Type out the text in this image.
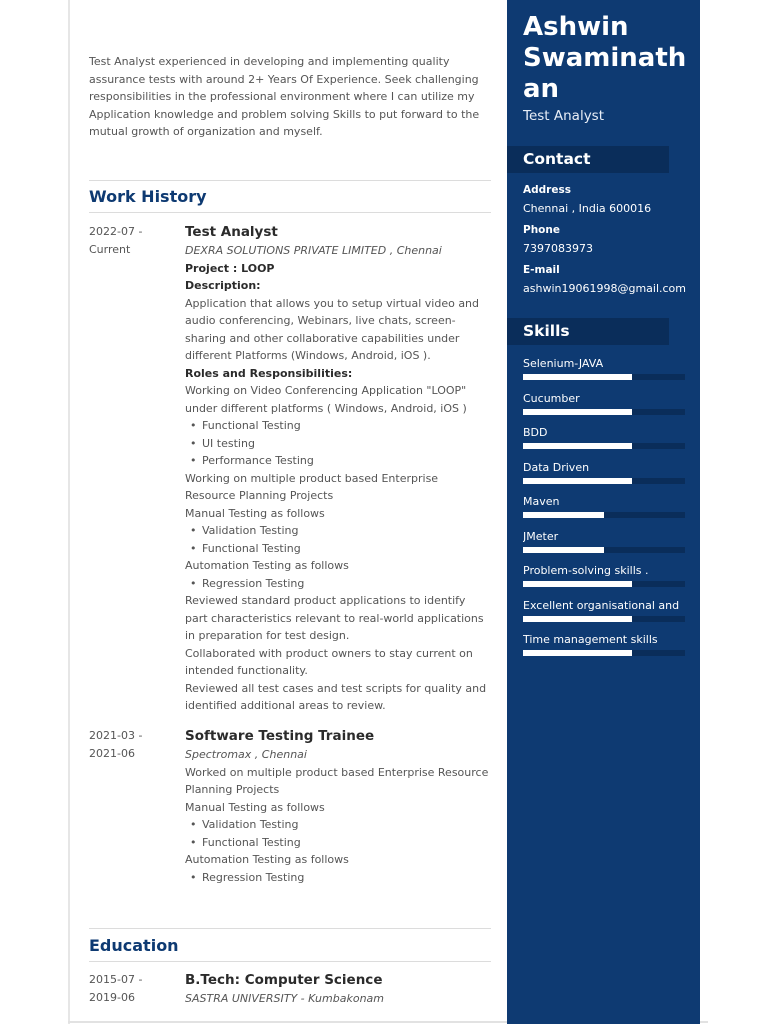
Test Analyst experienced in developing and implementing quality assurance tests with around 2+ Years Of Experience. Seek challenging responsibilities in the professional environment where I can utilize my Application knowledge and problem solving Skills to put forward to the mutual growth of organization and myself.

Work History
2022-07 -
Current
Test Analyst
DEXRA SOLUTIONS PRIVATE LIMITED , Chennai
Project : LOOP
Description:
Application that allows you to setup virtual video and audio conferencing, Webinars, live chats, screen-sharing and other collaborative capabilities under different Platforms (Windows, Android, iOS ).
Roles and Responsibilities:
Working on Video Conferencing Application "LOOP" under different platforms ( Windows, Android, iOS )
• Functional Testing
• UI testing
• Performance Testing
Working on multiple product based Enterprise Resource Planning Projects
Manual Testing as follows
• Validation Testing
• Functional Testing
Automation Testing as follows
• Regression Testing
Reviewed standard product applications to identify part characteristics relevant to real-world applications in preparation for test design.
Collaborated with product owners to stay current on intended functionality.
Reviewed all test cases and test scripts for quality and identified additional areas to review.
2021-03 -
2021-06
Software Testing Trainee
Spectromax , Chennai
Worked on multiple product based Enterprise Resource Planning Projects
Manual Testing as follows
• Validation Testing
• Functional Testing
Automation Testing as follows
• Regression Testing
Education
2015-07 -
2019-06
B.Tech: Computer Science
SASTRA UNIVERSITY - Kumbakonam
Ashwin Swaminath an
Test Analyst
Contact
Address
Chennai , India 600016
Phone
7397083973
E-mail
ashwin19061998@gmail.com
Skills
Selenium-JAVA
Cucumber
BDD
Data Driven
Maven
JMeter
Problem-solving skills .
Excellent organisational and
Time management skills
